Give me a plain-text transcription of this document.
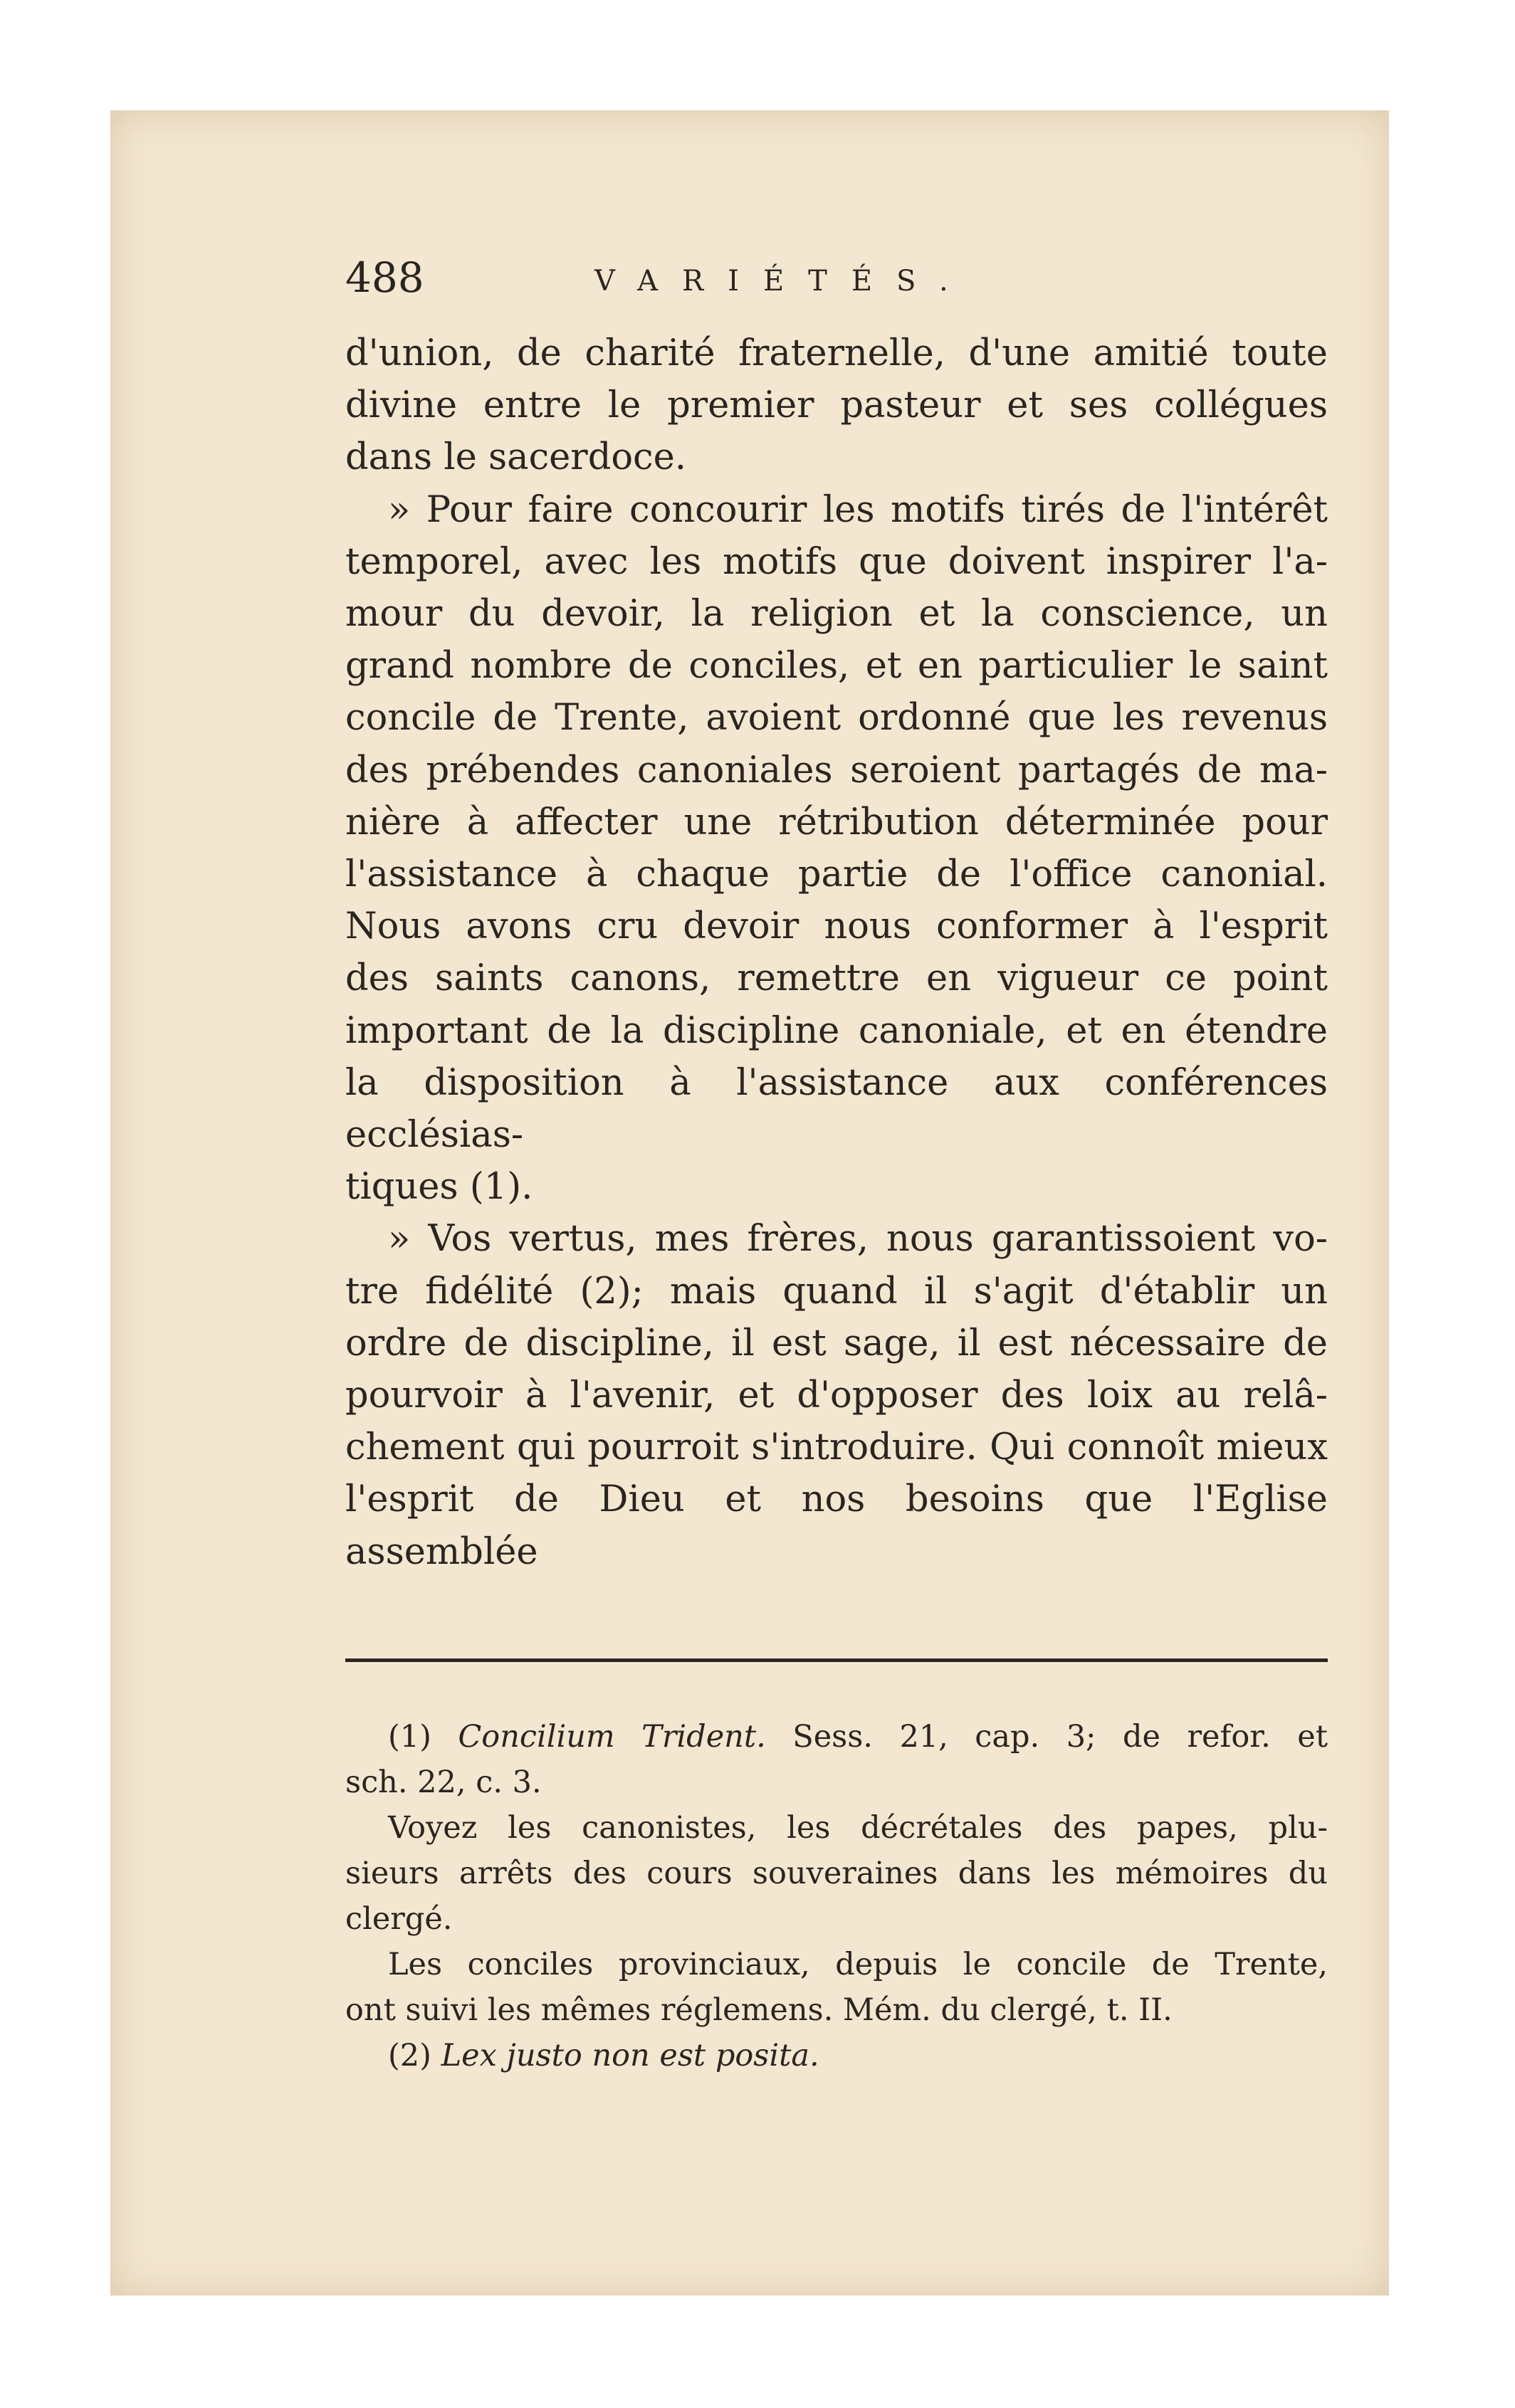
488	VARIÉTÉS.

d'union, de charité fraternelle, d'une amitié toute

divine entre le premier pasteur et ses collégues

dans le sacerdoce.

» Pour faire concourir les motifs tirés de l'intérêt

temporel, avec les motifs que doivent inspirer l'a-

mour du devoir, la religion et la conscience, un

grand nombre de conciles, et en particulier le saint

concile de Trente, avoient ordonné que les revenus

des prébendes canoniales seroient partagés de ma-

nière à affecter une rétribution déterminée pour

l'assistance à chaque partie de l'office canonial.

Nous avons cru devoir nous conformer à l'esprit

des saints canons, remettre en vigueur ce point

important de la discipline canoniale, et en étendre

la disposition à l'assistance aux conférences ecclésias-

tiques (1).

» Vos vertus, mes frères, nous garantissoient vo-

tre fidélité (2); mais quand il s'agit d'établir un

ordre de discipline, il est sage, il est nécessaire de

pourvoir à l'avenir, et d'opposer des loix au relâ-

chement qui pourroit s'introduire. Qui connoît mieux

l'esprit de Dieu et nos besoins que l'Eglise assemblée

(1) Concilium Trident. Sess. 21, cap. 3; de refor. et

sch. 22, c. 3.

Voyez les canonistes, les décrétales des papes, plu-

sieurs arrêts des cours souveraines dans les mémoires du

clergé.

Les conciles provinciaux, depuis le concile de Trente,

ont suivi les mêmes réglemens. Mém. du clergé, t. II.

(2) Lex justo non est posita.
